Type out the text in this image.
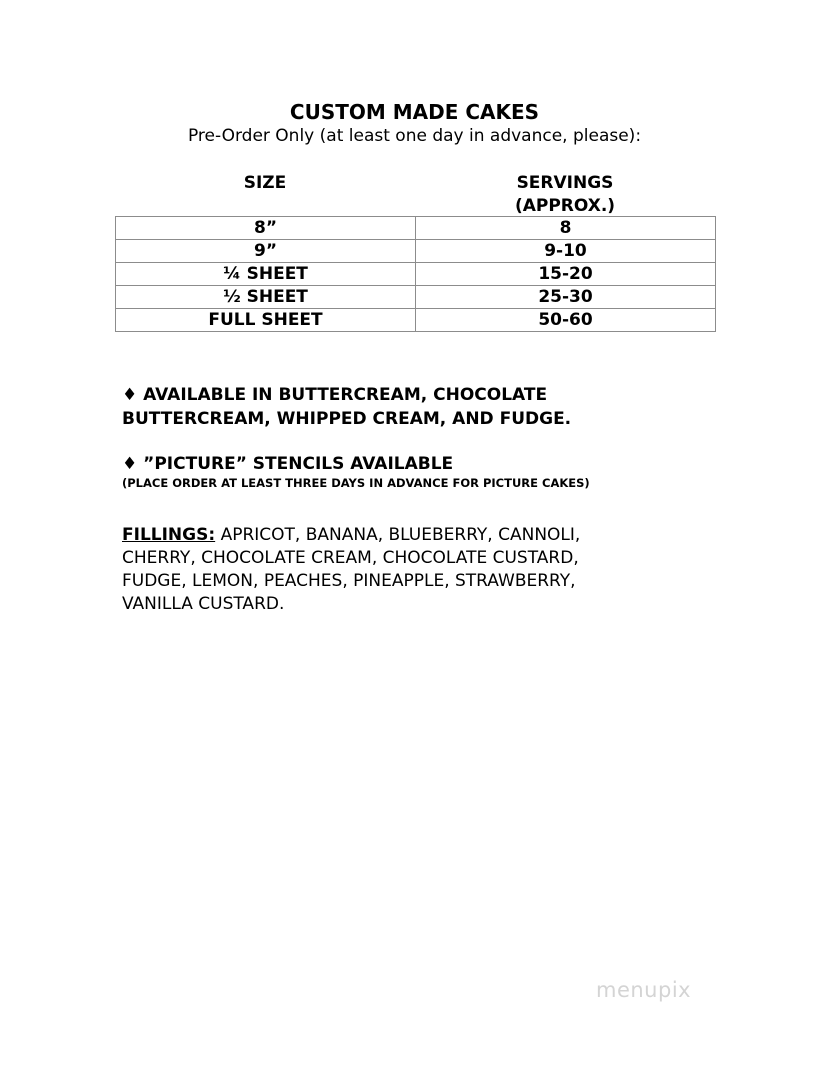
CUSTOM MADE CAKES

Pre-Order Only (at least one day in advance, please):

SIZE	SERVINGS
(APPROX.)
8”	8
9”	9-10
¼ SHEET	15-20
½ SHEET	25-30
FULL SHEET	50-60

♦ AVAILABLE IN BUTTERCREAM, CHOCOLATE
BUTTERCREAM, WHIPPED CREAM, AND FUDGE.

♦ ”PICTURE” STENCILS AVAILABLE

(PLACE ORDER AT LEAST THREE DAYS IN ADVANCE FOR PICTURE CAKES)

FILLINGS: APRICOT, BANANA, BLUEBERRY, CANNOLI,
CHERRY, CHOCOLATE CREAM, CHOCOLATE CUSTARD,
FUDGE, LEMON, PEACHES, PINEAPPLE, STRAWBERRY,
VANILLA CUSTARD.

menupix
